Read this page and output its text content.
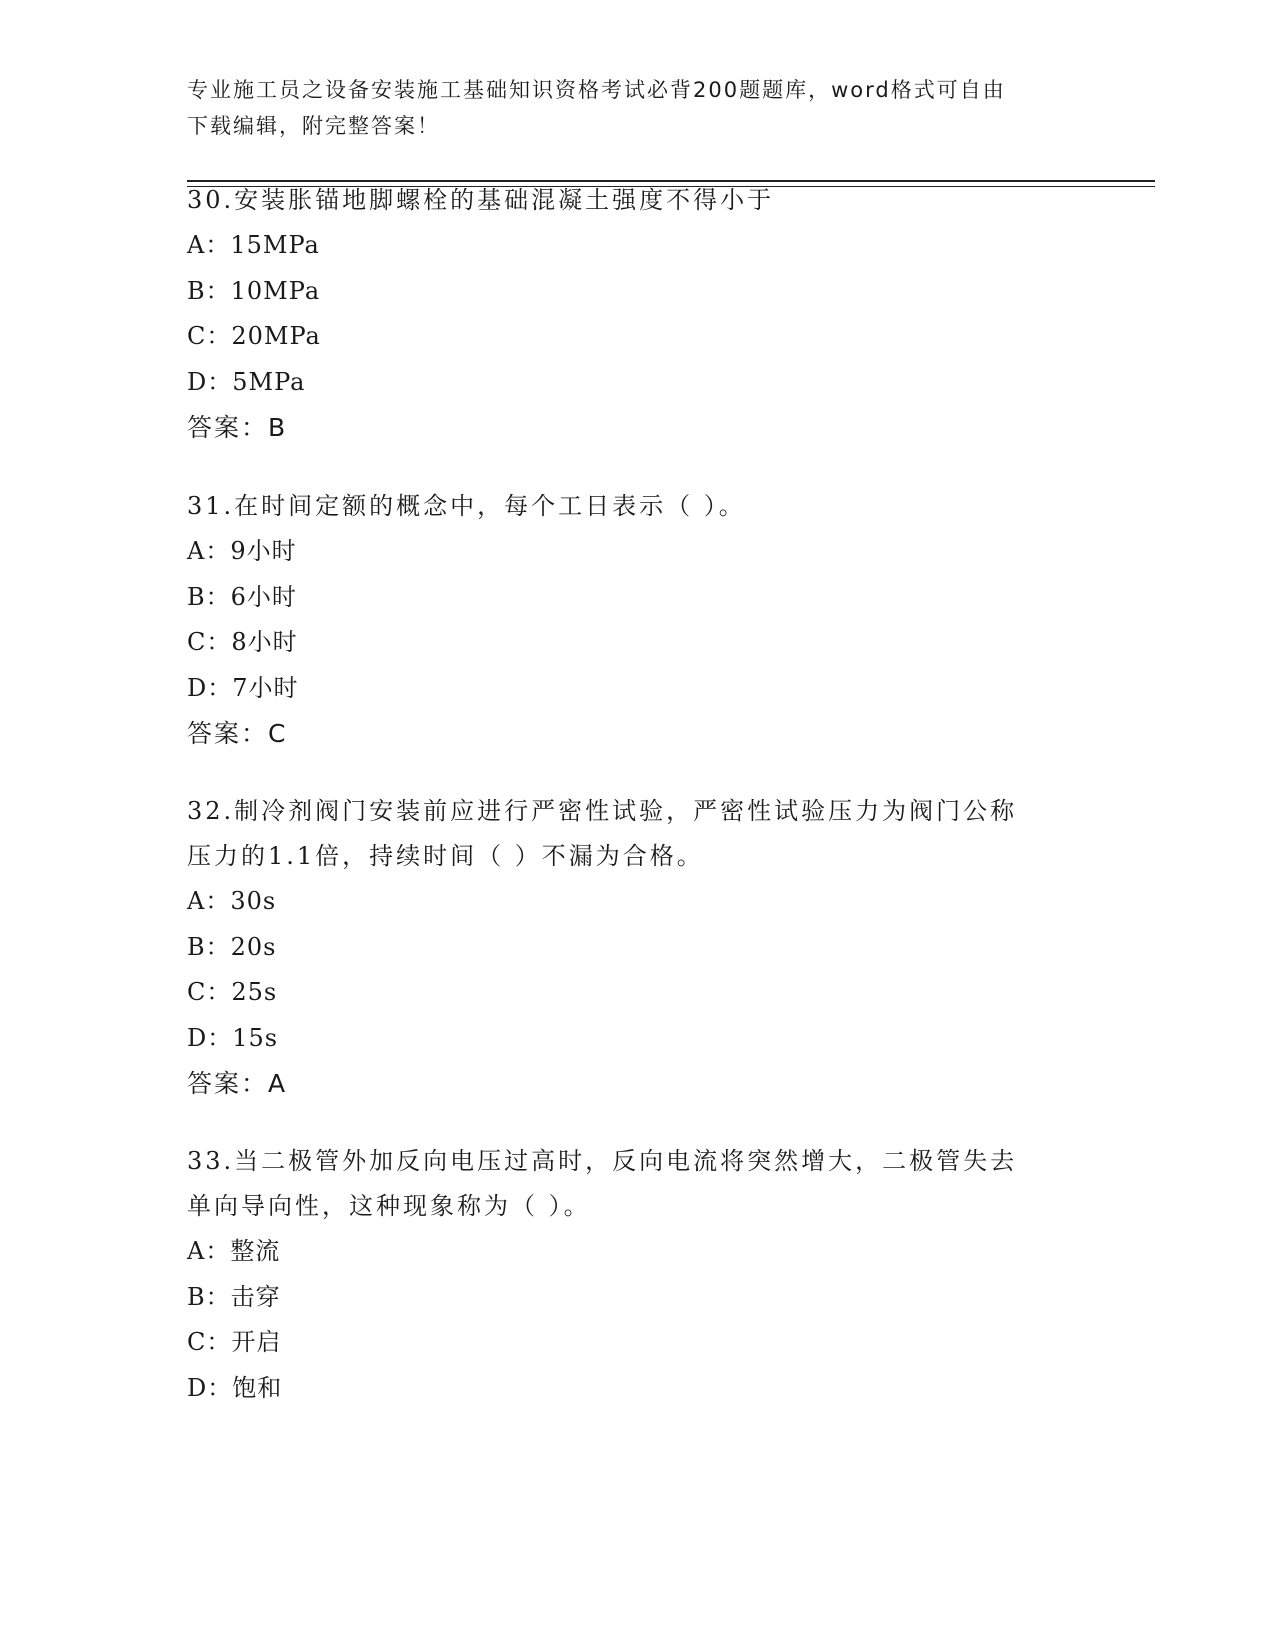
专业施工员之设备安装施工基础知识资格考试必背200题题库，word格式可自由
下载编辑，附完整答案！

30.安装胀锚地脚螺栓的基础混凝土强度不得小于

A：15MPa

B：10MPa

C：20MPa

D：5MPa

答案：B

31.在时间定额的概念中，每个工日表示（ ）。

A：9小时

B：6小时

C：8小时

D：7小时

答案：C

32.制冷剂阀门安装前应进行严密性试验，严密性试验压力为阀门公称

压力的1.1倍，持续时间（ ）不漏为合格。

A：30s

B：20s

C：25s

D：15s

答案：A

33.当二极管外加反向电压过高时，反向电流将突然增大，二极管失去

单向导向性，这种现象称为（ ）。

A：整流

B：击穿

C：开启

D：饱和
